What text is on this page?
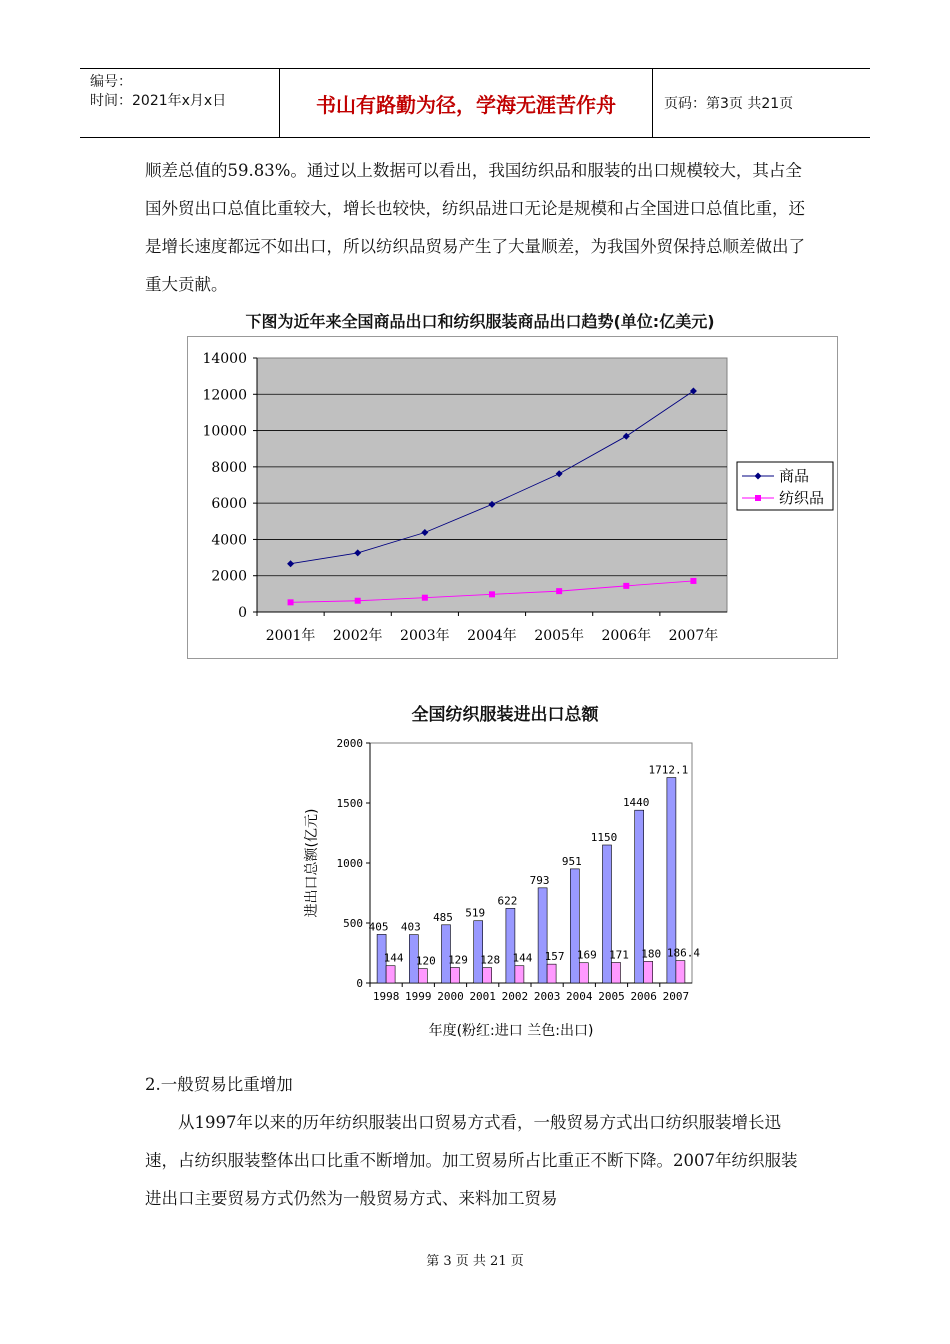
编号：
时间：2021年x月x日	书山有路勤为径，学海无涯苦作舟	页码：第3页 共21页

顺差总值的59.83%。通过以上数据可以看出，我国纺织品和服装的出口规模较大，其占全国外贸出口总值比重较大，增长也较快，纺织品进口无论是规模和占全国进口总值比重，还是增长速度都远不如出口，所以纺织品贸易产生了大量顺差，为我国外贸保持总顺差做出了重大贡献。

下图为近年来全国商品出口和纺织服装商品出口趋势(单位:亿美元)
0
2000
4000
6000
8000
10000
12000
14000
2001年 2002年 2003年 2004年 2005年 2006年 2007年
商品
纺织品
全国纺织服装进出口总额
0
500
1000
1500
2000
1998
405
144
1999
403
120
2000
485
129
2001
519
128
2002
622
144
2003
793
157
2004
951
169
2005
1150
171
2006
1440
180
2007
1712.1
186.4
进出口总额(亿元)
年度(粉红:进口 兰色:出口)

2.一般贸易比重增加

从1997年以来的历年纺织服装出口贸易方式看，一般贸易方式出口纺织服装增长迅速，占纺织服装整体出口比重不断增加。加工贸易所占比重正不断下降。2007年纺织服装进出口主要贸易方式仍然为一般贸易方式、来料加工贸易

第 3 页 共 21 页
